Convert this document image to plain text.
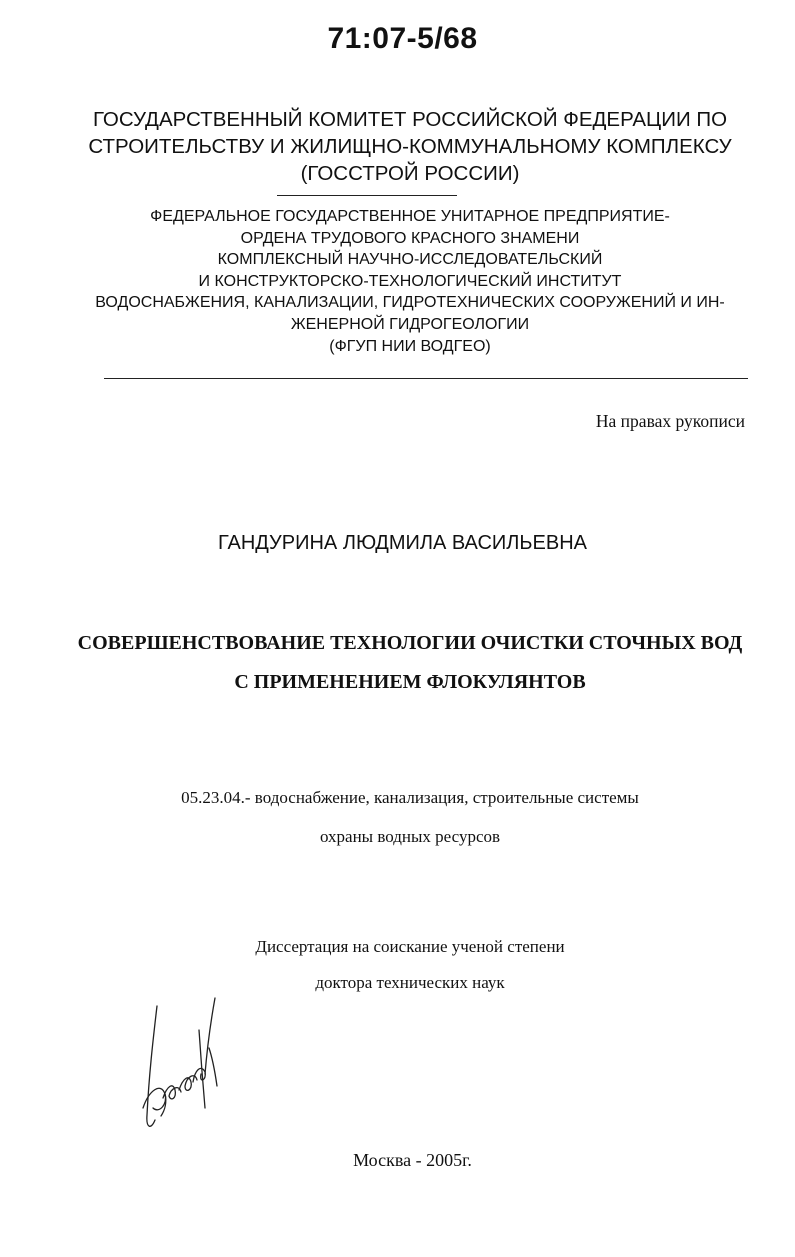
71:07-5/68
ГОСУДАРСТВЕННЫЙ КОМИТЕТ РОССИЙСКОЙ ФЕДЕРАЦИИ ПО
СТРОИТЕЛЬСТВУ И ЖИЛИЩНО-КОММУНАЛЬНОМУ КОМПЛЕКСУ
(ГОССТРОЙ РОССИИ)
ФЕДЕРАЛЬНОЕ ГОСУДАРСТВЕННОЕ УНИТАРНОЕ ПРЕДПРИЯТИЕ-
ОРДЕНА ТРУДОВОГО КРАСНОГО ЗНАМЕНИ
КОМПЛЕКСНЫЙ НАУЧНО-ИССЛЕДОВАТЕЛЬСКИЙ
И КОНСТРУКТОРСКО-ТЕХНОЛОГИЧЕСКИЙ ИНСТИТУТ
ВОДОСНАБЖЕНИЯ, КАНАЛИЗАЦИИ, ГИДРОТЕХНИЧЕСКИХ СООРУЖЕНИЙ И ИН-
ЖЕНЕРНОЙ ГИДРОГЕОЛОГИИ
(ФГУП НИИ ВОДГЕО)
На правах рукописи
ГАНДУРИНА ЛЮДМИЛА ВАСИЛЬЕВНА
СОВЕРШЕНСТВОВАНИЕ ТЕХНОЛОГИИ ОЧИСТКИ СТОЧНЫХ ВОД
С ПРИМЕНЕНИЕМ ФЛОКУЛЯНТОВ
05.23.04.- водоснабжение, канализация, строительные системы
охраны водных ресурсов
Диссертация на соискание ученой степени
доктора технических наук
Москва - 2005г.
